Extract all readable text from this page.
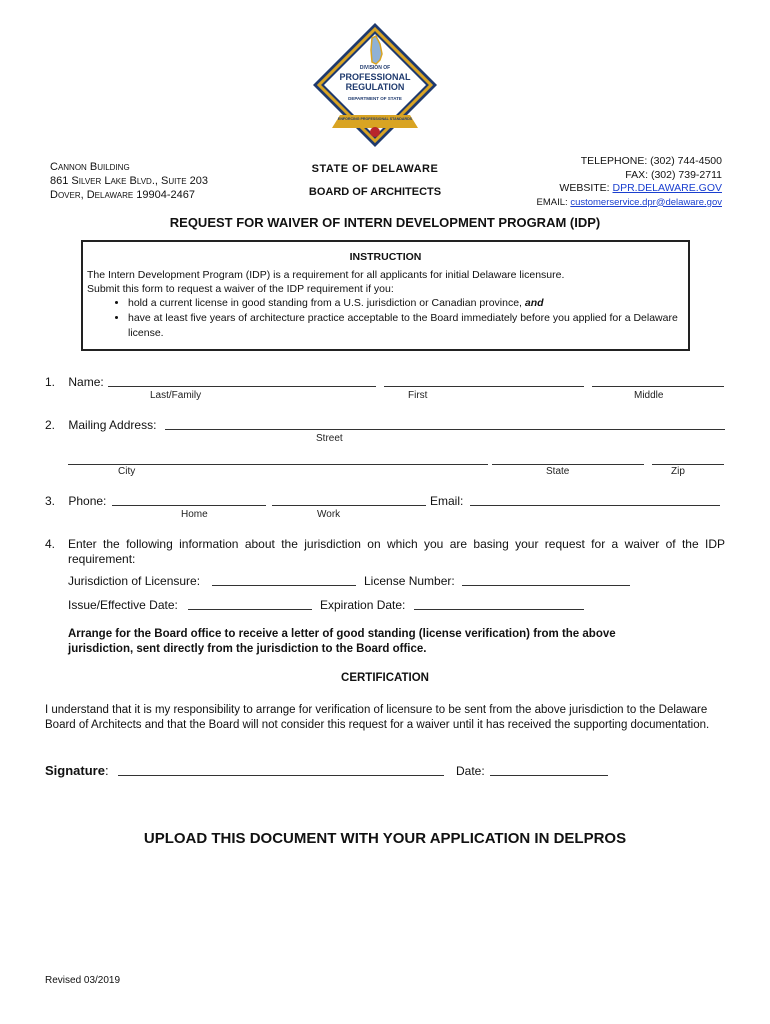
DIVISION OF
PROFESSIONAL
REGULATION
DEPARTMENT OF STATE
ENFORCING PROFESSIONAL STANDARDS
Cannon Building
861 Silver Lake Blvd., Suite 203
Dover, Delaware 19904-2467
STATE OF DELAWARE
BOARD OF ARCHITECTS
TELEPHONE: (302) 744-4500
FAX: (302) 739-2711
WEBSITE: DPR.DELAWARE.GOV
EMAIL: customerservice.dpr@delaware.gov
REQUEST FOR WAIVER OF INTERN DEVELOPMENT PROGRAM (IDP)
INSTRUCTION
The Intern Development Program (IDP) is a requirement for all applicants for initial Delaware licensure.
Submit this form to request a waiver of the IDP requirement if you:
• hold a current license in good standing from a U.S. jurisdiction or Canadian province, and
• have at least five years of architecture practice acceptable to the Board immediately before you applied for a Delaware license.
1. Name:
Last/Family	First	Middle
2. Mailing Address:
Street
City	State	Zip
3. Phone:	Email:
Home	Work
4. Enter the following information about the jurisdiction on which you are basing your request for a waiver of the IDP requirement:
Jurisdiction of Licensure:	License Number:
Issue/Effective Date:	Expiration Date:
Arrange for the Board office to receive a letter of good standing (license verification) from the above jurisdiction, sent directly from the jurisdiction to the Board office.
CERTIFICATION
I understand that it is my responsibility to arrange for verification of licensure to be sent from the above jurisdiction to the Delaware Board of Architects and that the Board will not consider this request for a waiver until it has received the supporting documentation.
Signature:	Date:
UPLOAD THIS DOCUMENT WITH YOUR APPLICATION IN DELPROS
Revised 03/2019
